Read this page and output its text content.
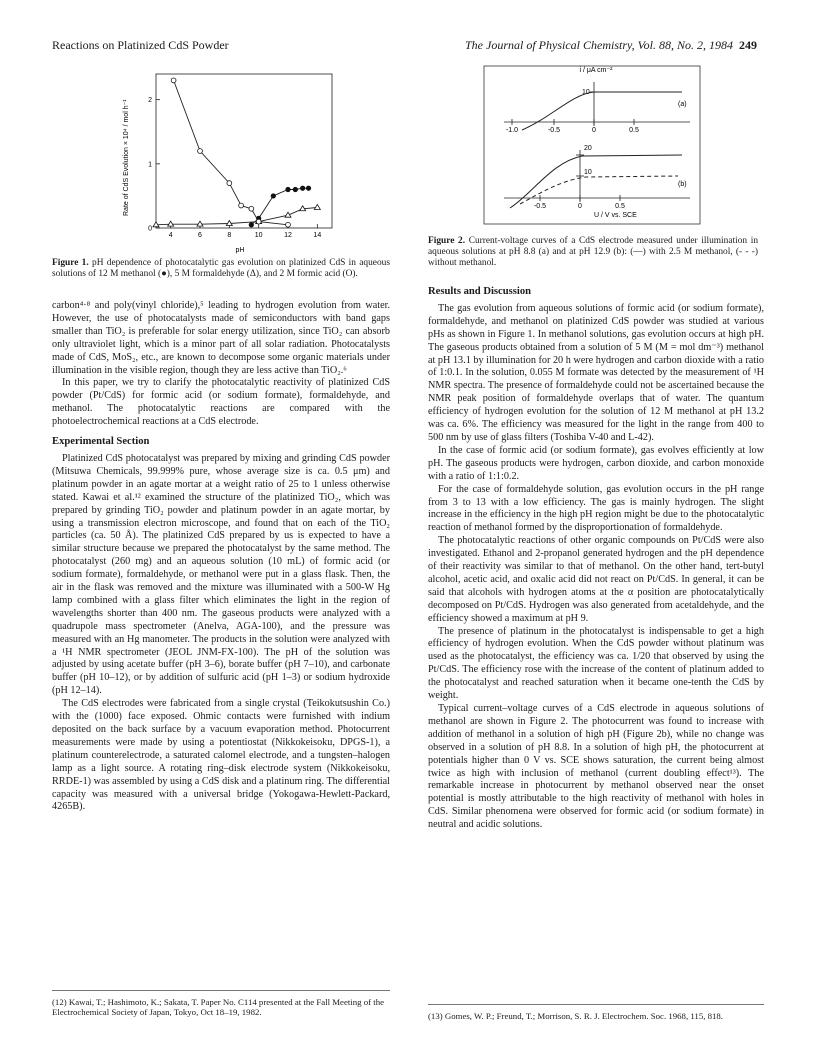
Reactions on Platinized CdS Powder	The Journal of Physical Chemistry, Vol. 88, No. 2, 1984 249
Rate of CdS Evolution × 10⁴ / mol h⁻¹
4	6	8	10	12	14
0
1
2
pH
Figure 1. pH dependence of photocatalytic gas evolution on platinized CdS in aqueous solutions of 12 M methanol (●), 5 M formaldehyde (Δ), and 2 M formic acid (O).
i / μA cm⁻²
10
-1.0	-0.5	0	0.5
(a)
20
10
-0.5	0	0.5
(b)
U / V vs. SCE
Figure 2. Current-voltage curves of a CdS electrode measured under illumination in aqueous solutions at pH 8.8 (a) and at pH 12.9 (b): (—) with 2.5 M methanol, (- - -) without methanol.

carbon⁴·⁸ and poly(vinyl chloride),⁵ leading to hydrogen evolution from water. However, the use of photocatalysts made of semiconductors with band gaps smaller than TiO₂ is preferable for solar energy utilization, since TiO₂ can absorb only ultraviolet light, which is a minor part of all solar radiation. Photocatalysts made of CdS, MoS₂, etc., are known to decompose some organic materials under illumination in the visible region, though they are less active than TiO₂.⁶

In this paper, we try to clarify the photocatalytic reactivity of platinized CdS powder (Pt/CdS) for formic acid (or sodium formate), formaldehyde, and methanol. The photocatalytic reactions are compared with the photoelectrochemical reactions at a CdS electrode.

Experimental Section

Platinized CdS photocatalyst was prepared by mixing and grinding CdS powder (Mitsuwa Chemicals, 99.999% pure, whose average size is ca. 0.5 μm) and platinum powder in an agate mortar at a weight ratio of 25 to 1 unless otherwise stated. Kawai et al.¹² examined the structure of the platinized TiO₂, which was prepared by grinding TiO₂ powder and platinum powder in an agate mortar, by using a transmission electron microscope, and found that on each of the TiO₂ particles (ca. 50 Å). The platinized CdS prepared by us is expected to have a similar structure because we prepared the photocatalyst by the same method. The photocatalyst (260 mg) and an aqueous solution (10 mL) of formic acid (or sodium formate), formaldehyde, or methanol were put in a glass flask. Then, the air in the flask was removed and the mixture was illuminated with a 500-W Hg lamp combined with a glass filter which eliminates the light in the region of wavelengths shorter than 400 nm. The gaseous products were analyzed with a quadrupole mass spectrometer (Anelva, AGA-100), and the pressure was measured with an Hg manometer. The products in the solution were analyzed with a ¹H NMR spectrometer (JEOL JNM-FX-100). The pH of the solution was adjusted by using acetate buffer (pH 3–6), borate buffer (pH 7–10), and carbonate buffer (pH 10–12), or by addition of sulfuric acid (pH 1–3) or sodium hydroxide (pH 12–14).

The CdS electrodes were fabricated from a single crystal (Teikokutsushin Co.) with the (1000) face exposed. Ohmic contacts were furnished with indium deposited on the back surface by a vacuum evaporation method. Photocurrent measurements were made by using a potentiostat (Nikkokeisoku, DPGS-1), a platinum counterelectrode, a saturated calomel electrode, and a tungsten–halogen lamp as a light source. A rotating ring–disk electrode system (Nikkokeisoku, RRDE-1) was assembled by using a CdS disk and a platinum ring. The differential capacity was measured with a universal bridge (Yokogawa-Hewlett-Packard, 4265B).

(12) Kawai, T.; Hashimoto, K.; Sakata, T. Paper No. C114 presented at the Fall Meeting of the Electrochemical Society of Japan, Tokyo, Oct 18–19, 1982.
Results and Discussion

The gas evolution from aqueous solutions of formic acid (or sodium formate), formaldehyde, and methanol on platinized CdS powder was studied at various pHs as shown in Figure 1. In methanol solutions, gas evolution occurs at high pH. The gaseous products obtained from a solution of 5 M (M = mol dm⁻³) methanol at pH 13.1 by illumination for 20 h were hydrogen and carbon dioxide with a ratio of 1:0.1. In the solution, 0.055 M formate was detected by the measurement of ¹H NMR spectra. The presence of formaldehyde could not be ascertained because the NMR peak position of formaldehyde overlaps that of water. The quantum efficiency of hydrogen evolution for the solution of 12 M methanol at pH 13.2 was ca. 6%. The efficiency was measured for the light in the range from 400 to 500 nm by use of glass filters (Toshiba V-40 and L-42).

In the case of formic acid (or sodium formate), gas evolves efficiently at low pH. The gaseous products were hydrogen, carbon dioxide, and carbon monoxide with a ratio of 1:1:0.2.

For the case of formaldehyde solution, gas evolution occurs in the pH range from 3 to 13 with a low efficiency. The gas is mainly hydrogen. The slight increase in the efficiency in the high pH region might be due to the photocatalytic reaction of methanol formed by the disproportionation of formaldehyde.

The photocatalytic reactions of other organic compounds on Pt/CdS were also investigated. Ethanol and 2-propanol generated hydrogen and the pH dependence of their reactivity was similar to that of methanol. On the other hand, tert-butyl alcohol, acetic acid, and oxalic acid did not react on Pt/CdS. In general, it can be said that alcohols with hydrogen atoms at the α position are photocatalytically decomposed on Pt/CdS. Hydrogen was also generated from acetaldehyde, and the efficiency showed a maximum at pH 9.

The presence of platinum in the photocatalyst is indispensable to get a high efficiency of hydrogen evolution. When the CdS powder without platinum was used as the photocatalyst, the efficiency was ca. 1/20 that observed by using the Pt/CdS. The efficiency rose with the increase of the content of platinum added to the photocatalyst and reached saturation when it became one-tenth the CdS by weight.

Typical current–voltage curves of a CdS electrode in aqueous solutions of methanol are shown in Figure 2. The photocurrent was found to increase with addition of methanol in a solution of high pH (Figure 2b), while no change was observed in a solution of pH 8.8. In a solution of high pH, the photocurrent at potentials higher than 0 V vs. SCE shows saturation, the current being almost twice as high with inclusion of methanol (current doubling effect¹³). The remarkable increase in photocurrent by methanol observed near the onset potential is mostly attributable to the high reactivity of methanol with holes in CdS. Similar phenomena were observed for formic acid (or sodium formate) in neutral and acidic solutions.

(13) Gomes, W. P.; Freund, T.; Morrison, S. R. J. Electrochem. Soc. 1968, 115, 818.
